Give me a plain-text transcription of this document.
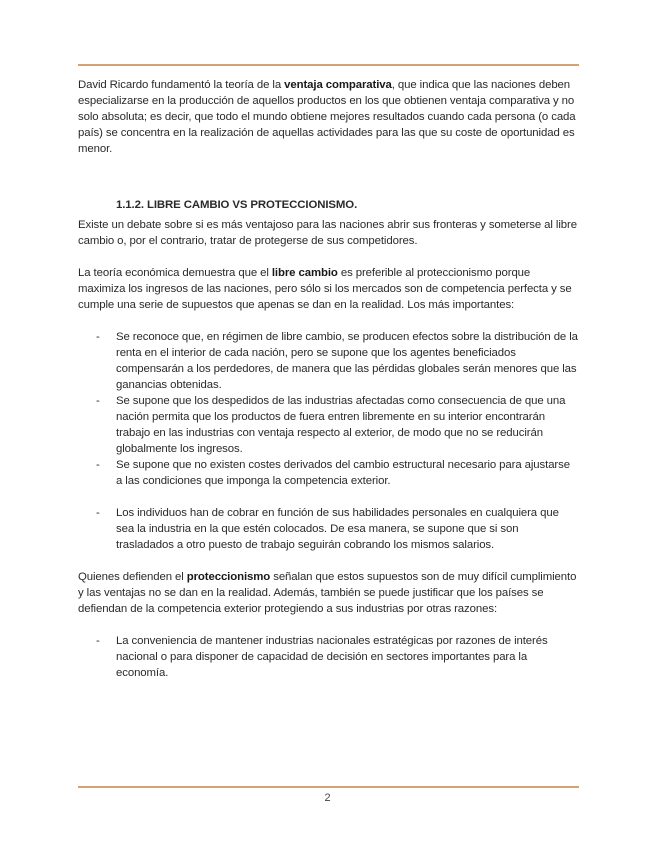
David Ricardo fundamentó la teoría de la ventaja comparativa, que indica que las naciones deben especializarse en la producción de aquellos productos en los que obtienen ventaja comparativa y no solo absoluta; es decir, que todo el mundo obtiene mejores resultados cuando cada persona (o cada país) se concentra en la realización de aquellas actividades para las que su coste de oportunidad es menor.

1.1.2. LIBRE CAMBIO VS PROTECCIONISMO.

Existe un debate sobre si es más ventajoso para las naciones abrir sus fronteras y someterse al libre cambio o, por el contrario, tratar de protegerse de sus competidores.

La teoría económica demuestra que el libre cambio es preferible al proteccionismo porque maximiza los ingresos de las naciones, pero sólo si los mercados son de competencia perfecta y se cumple una serie de supuestos que apenas se dan en la realidad. Los más importantes:

- Se reconoce que, en régimen de libre cambio, se producen efectos sobre la distribución de la renta en el interior de cada nación, pero se supone que los agentes beneficiados compensarán a los perdedores, de manera que las pérdidas globales serán menores que las ganancias obtenidas.
- Se supone que los despedidos de las industrias afectadas como consecuencia de que una nación permita que los productos de fuera entren libremente en su interior encontrarán trabajo en las industrias con ventaja respecto al exterior, de modo que no se reducirán globalmente los ingresos.
- Se supone que no existen costes derivados del cambio estructural necesario para ajustarse a las condiciones que imponga la competencia exterior.
- Los individuos han de cobrar en función de sus habilidades personales en cualquiera que sea la industria en la que estén colocados. De esa manera, se supone que si son trasladados a otro puesto de trabajo seguirán cobrando los mismos salarios.

Quienes defienden el proteccionismo señalan que estos supuestos son de muy difícil cumplimiento y las ventajas no se dan en la realidad. Además, también se puede justificar que los países se defiendan de la competencia exterior protegiendo a sus industrias por otras razones:

- La conveniencia de mantener industrias nacionales estratégicas por razones de interés nacional o para disponer de capacidad de decisión en sectores importantes para la economía.
2
